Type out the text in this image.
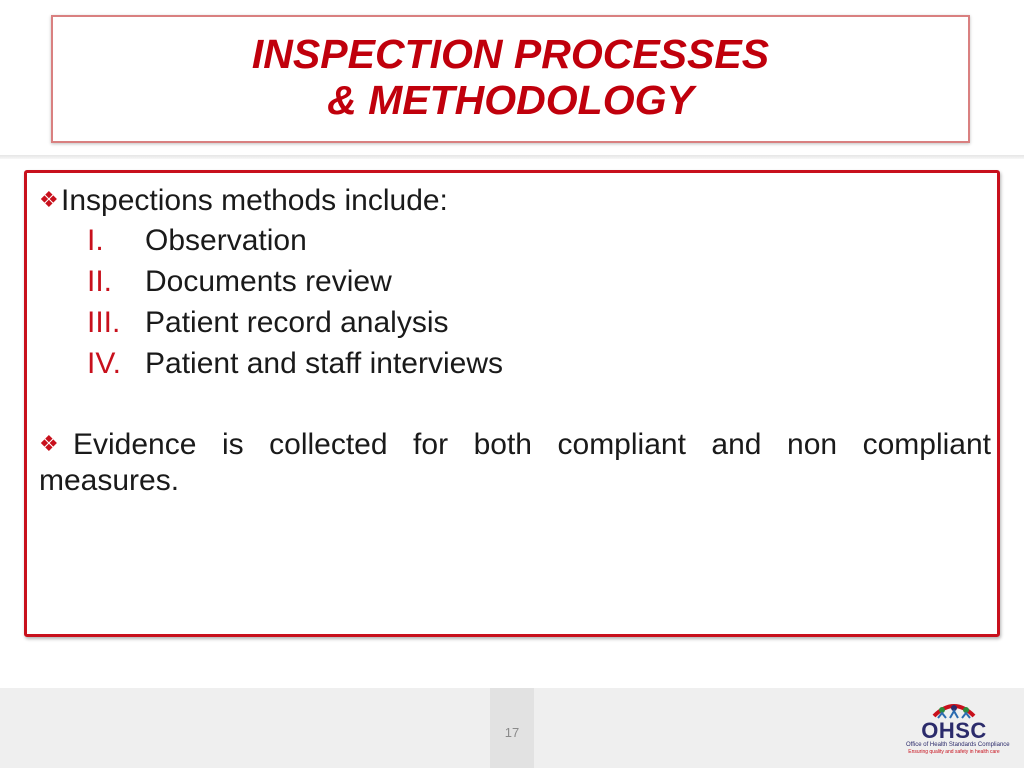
INSPECTION PROCESSES
& METHODOLOGY
❖Inspections methods include:
I. Observation
II. Documents review
III. Patient record analysis
IV. Patient and staff interviews
❖ Evidence is collected for both compliant and non compliant measures.
17	OHSC
Office of Health Standards Compliance
Ensuring quality and safety in health care
